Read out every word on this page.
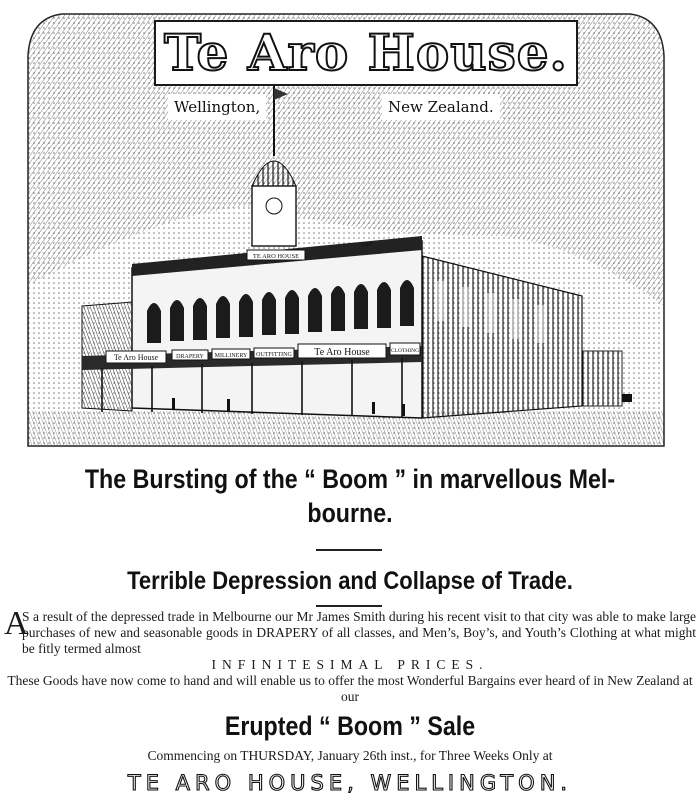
Te Aro House	DRAPERY MILLINERY OUTFITTING Te Aro House	CLOTHING
TE ARO HOUSE
1885
Te Aro House.
Wellington,	New Zealand.
The Bursting of the “ Boom ” in marvellous Mel-
bourne.
Terrible Depression and Collapse of Trade.
A
S a result of the depressed trade in Melbourne our Mr James Smith during his recent visit to that city was able to make large purchases of new and seasonable goods in DRAPERY of all classes, and Men’s, Boy’s, and Youth’s Clothing at what might be fitly termed almost
INFINITESIMAL PRICES.
These Goods have now come to hand and will enable us to offer the most Wonderful Bargains ever heard of in New Zealand at our
Erupted “ Boom ” Sale
Commencing on THURSDAY, January 26th inst., for Three Weeks Only at
TE ARO HOUSE, WELLINGTON.
